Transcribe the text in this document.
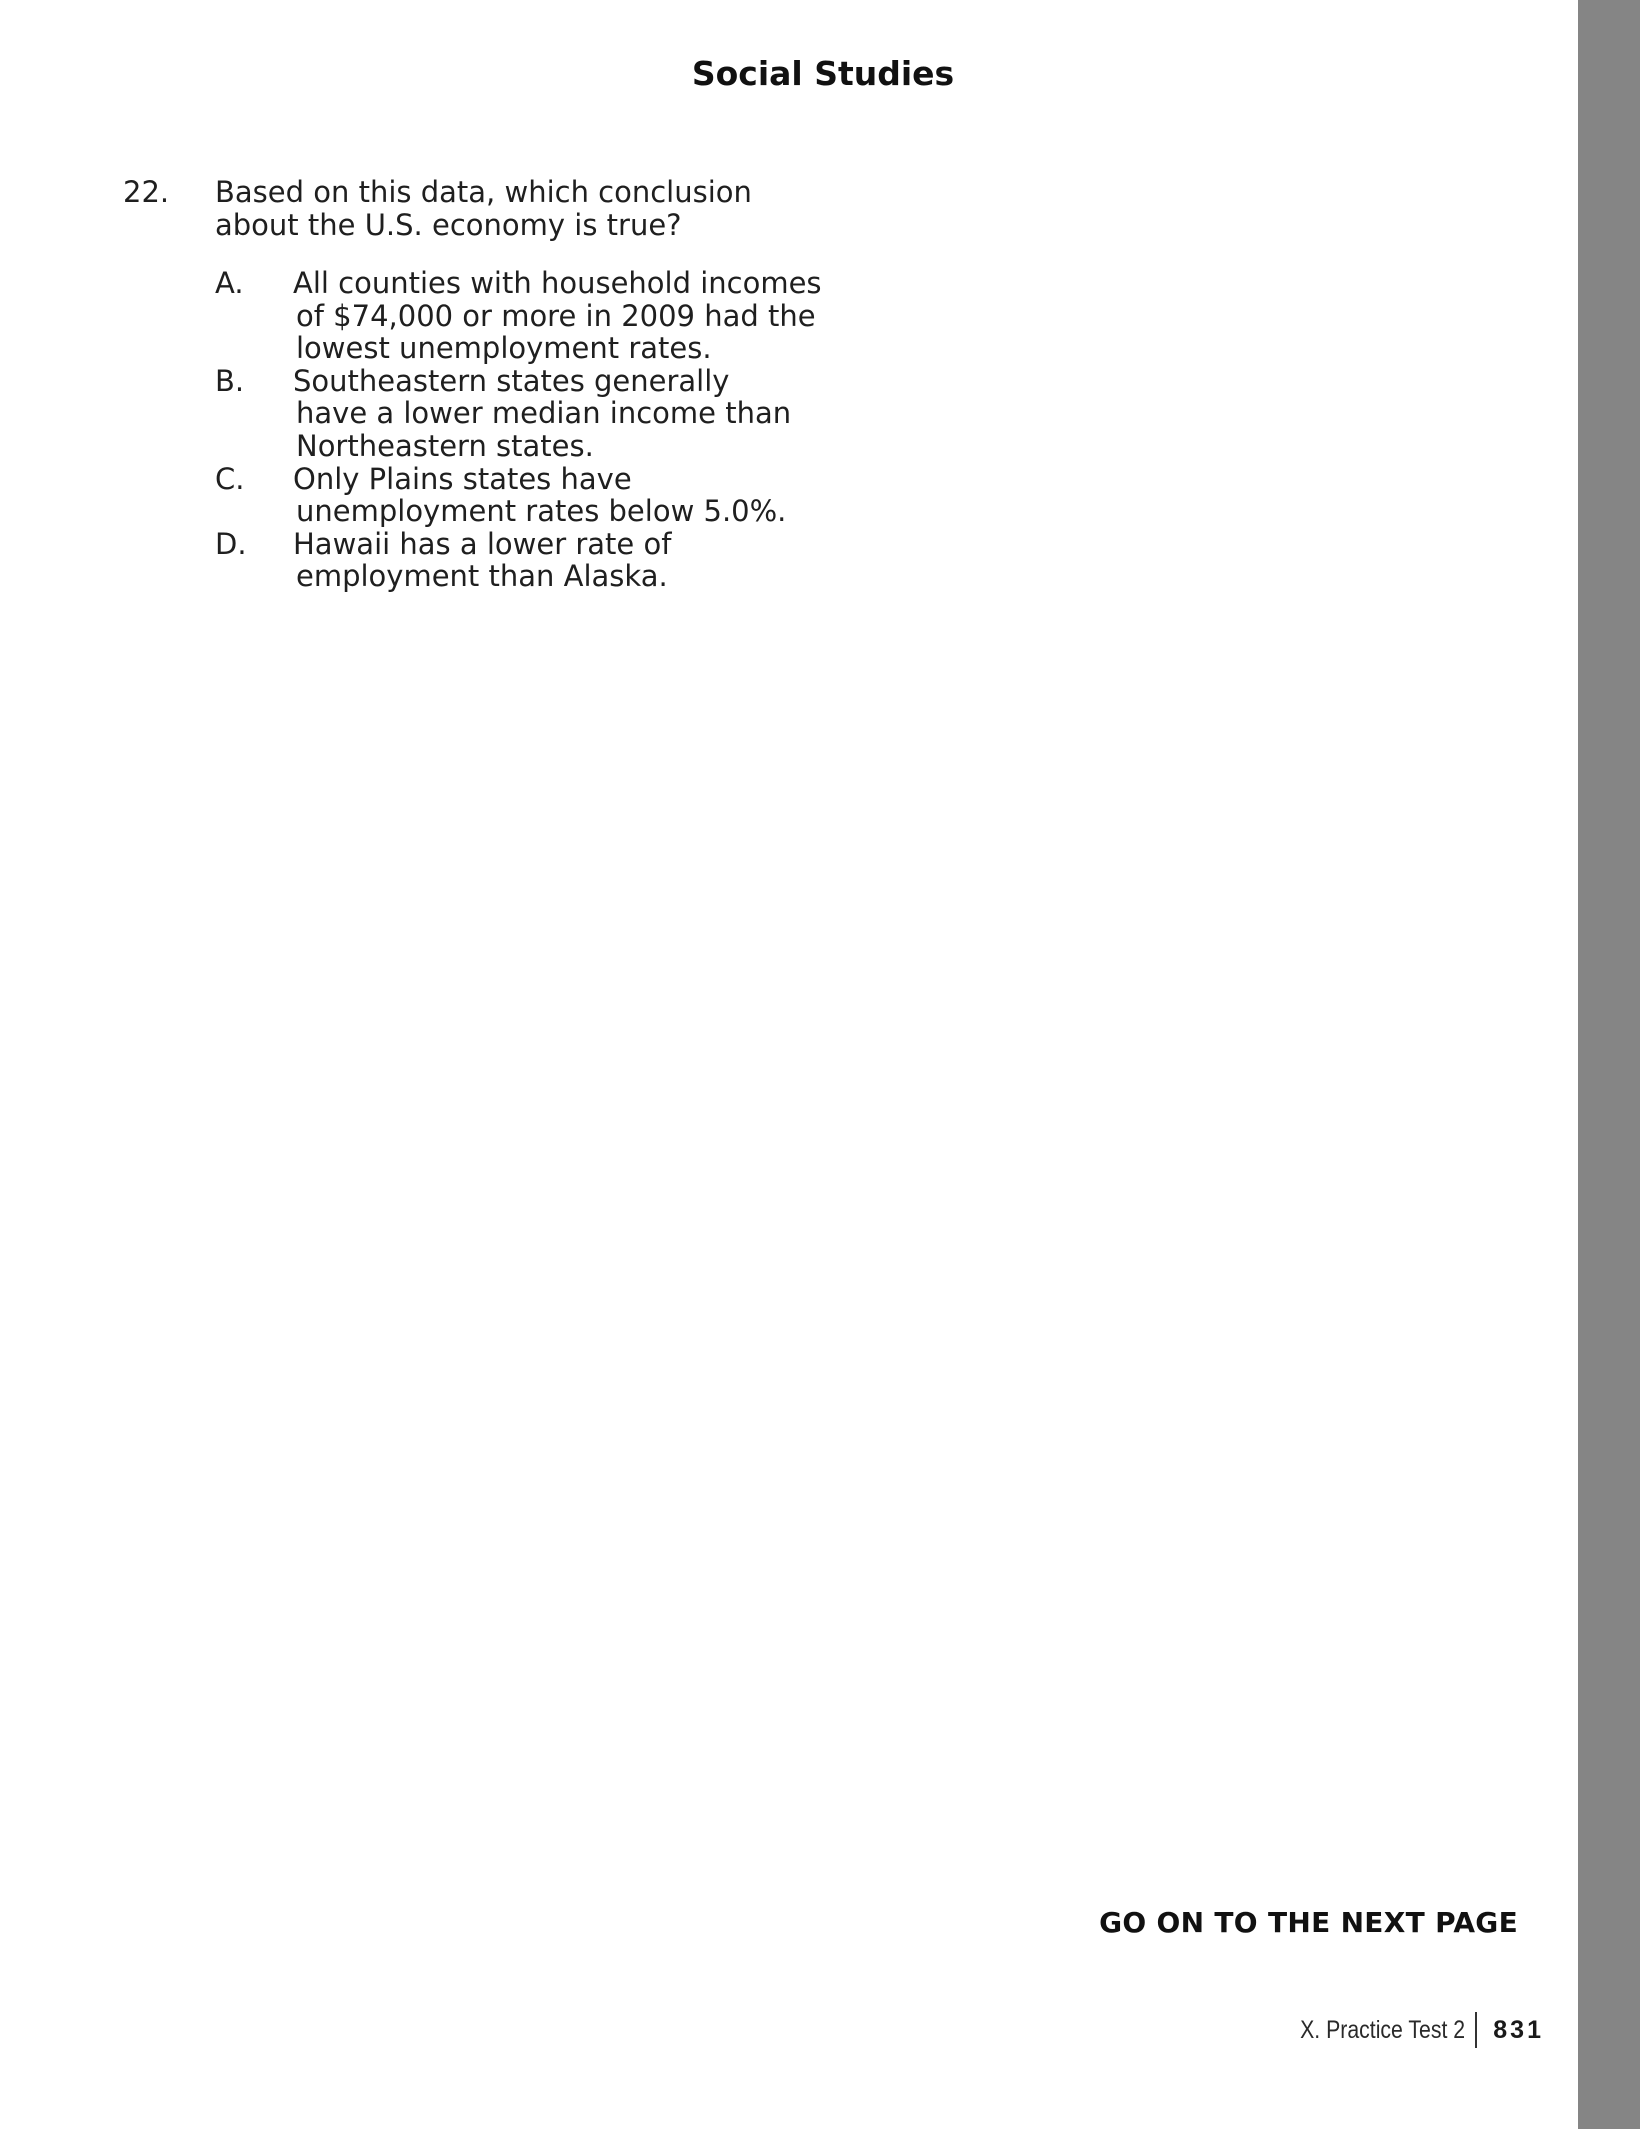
Social Studies
22. Based on this data, which conclusion
about the U.S. economy is true?
A. All counties with household incomes
of $74,000 or more in 2009 had the
lowest unemployment rates.
B. Southeastern states generally
have a lower median income than
Northeastern states.
C. Only Plains states have
unemployment rates below 5.0%.
D. Hawaii has a lower rate of
employment than Alaska.
GO ON TO THE NEXT PAGE
X. Practice Test 2 831
